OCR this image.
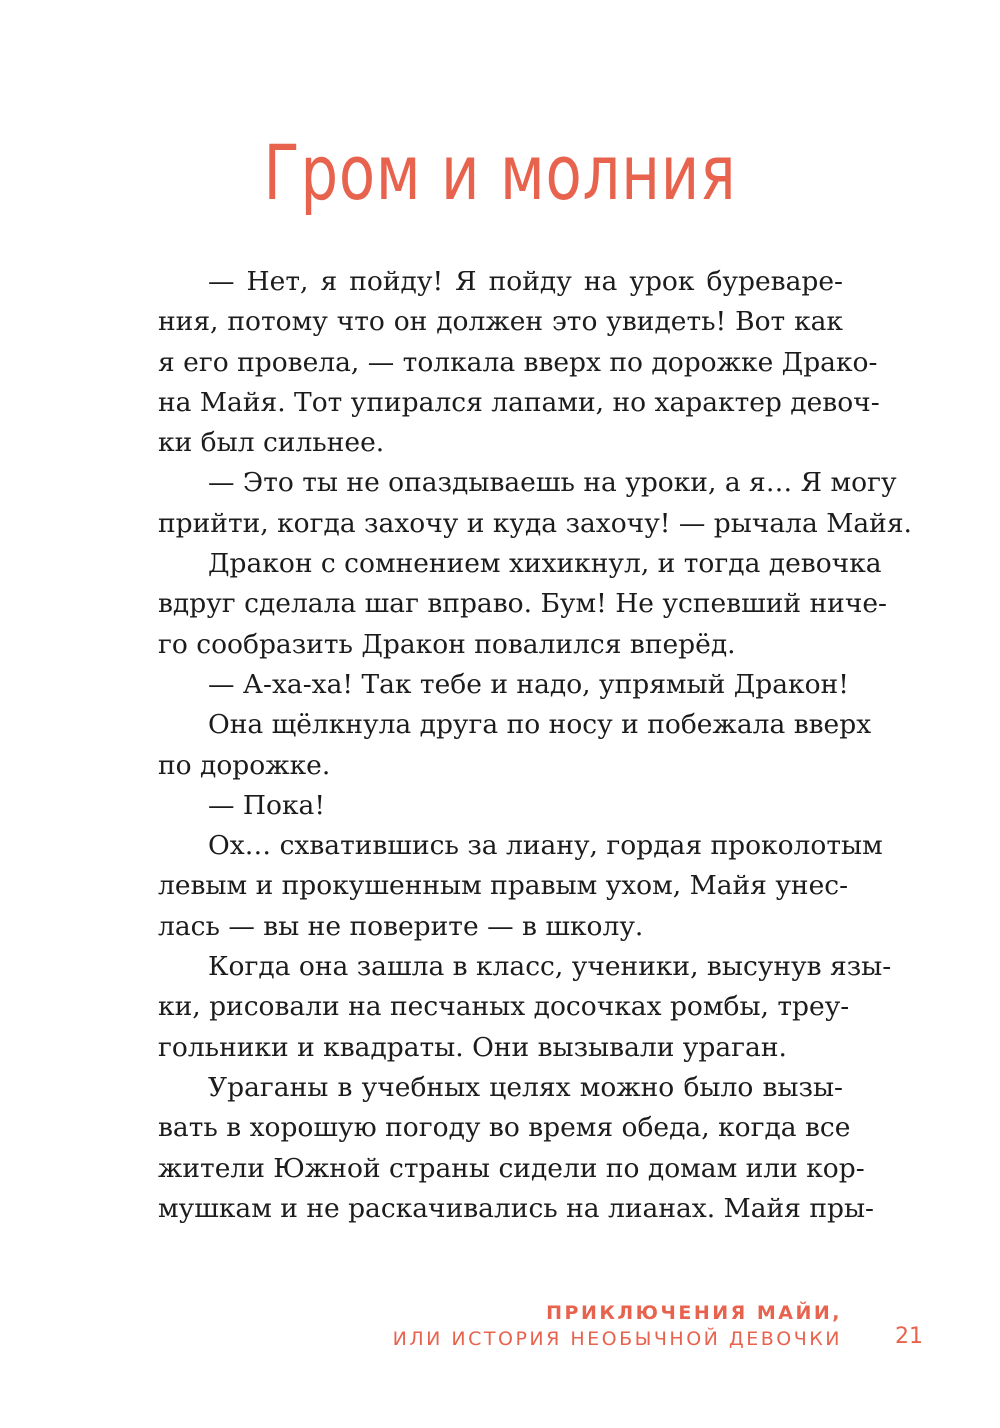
Гром и молния

— Нет, я пойду! Я пойду на урок буреваре-
ния, потому что он должен это увидеть! Вот как
я его провела, — толкала вверх по дорожке Драко-
на Майя. Тот упирался лапами, но характер девоч-
ки был сильнее.

— Это ты не опаздываешь на уроки, а я… Я могу
прийти, когда захочу и куда захочу! — рычала Майя.

Дракон с сомнением хихикнул, и тогда девочка
вдруг сделала шаг вправо. Бум! Не успевший ниче-
го сообразить Дракон повалился вперёд.

— А-ха-ха! Так тебе и надо, упрямый Дракон!

Она щёлкнула друга по носу и побежала вверх
по дорожке.

— Пока!

Ох… схватившись за лиану, гордая проколотым
левым и прокушенным правым ухом, Майя унес-
лась — вы не поверите — в школу.

Когда она зашла в класс, ученики, высунув язы-
ки, рисовали на песчаных досочках ромбы, треу-
гольники и квадраты. Они вызывали ураган.

Ураганы в учебных целях можно было вызы-
вать в хорошую погоду во время обеда, когда все
жители Южной страны сидели по домам или кор-
мушкам и не раскачивались на лианах. Майя пры-

ПРИКЛЮЧЕНИЯ МАЙИ,
ИЛИ ИСТОРИЯ НЕОБЫЧНОЙ ДЕВОЧКИ 21
